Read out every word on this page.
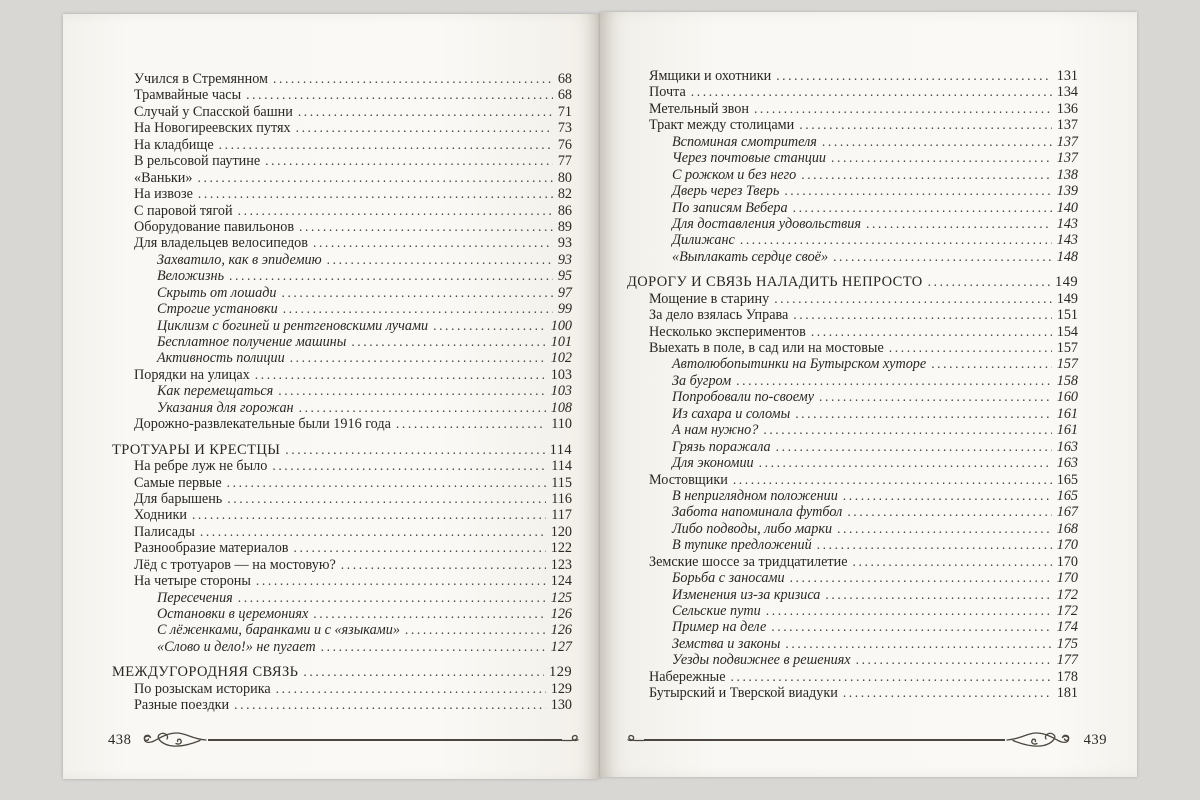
Учился в Стремянном .....	68
Трамвайные часы .....	68
Случай у Спасской башни .....	71
На Новогиреевских путях .....	73
На кладбище .....	76
В рельсовой паутине .....	77
«Ваньки» .....	80
На извозе .....	82
С паровой тягой .....	86
Оборудование павильонов .....	89
Для владельцев велосипедов .....	93
Захватило, как в эпидемию .....	93
Веложизнь .....	95
Скрыть от лошади .....	97
Строгие установки .....	99
Циклизм с богиней и рентгеновскими лучами .....	100
Бесплатное получение машины .....	101
Активность полиции .....	102
Порядки на улицах .....	103
Как перемещаться .....	103
Указания для горожан .....	108
Дорожно-развлекательные были 1916 года .....	110
ТРОТУАРЫ И КРЕСТЦЫ .....	114
На ребре луж не было .....	114
Самые первые .....	115
Для барышень .....	116
Ходники .....	117
Палисады .....	120
Разнообразие материалов .....	122
Лёд с тротуаров — на мостовую? .....	123
На четыре стороны .....	124
Пересечения .....	125
Остановки в церемониях .....	126
С лёженками, баранками и с «языками» .....	126
«Слово и дело!» не пугает .....	127
МЕЖДУГОРОДНЯЯ СВЯЗЬ .....	129
По розыскам историка .....	129
Разные поездки .....	130
438
Ямщики и охотники .....	131
Почта .....	134
Метельный звон .....	136
Тракт между столицами .....	137
Вспоминая смотрителя .....	137
Через почтовые станции .....	137
С рожком и без него .....	138
Дверь через Тверь .....	139
По записям Вебера .....	140
Для доставления удовольствия .....	143
Дилижанс .....	143
«Выплакать сердце своё» .....	148
ДОРОГУ И СВЯЗЬ НАЛАДИТЬ НЕПРОСТО .....	149
Мощение в старину .....	149
За дело взялась Управа .....	151
Несколько экспериментов .....	154
Выехать в поле, в сад или на мостовые .....	157
Автолюбопытинки на Бутырском хуторе .....	157
За бугром .....	158
Попробовали по-своему .....	160
Из сахара и соломы .....	161
А нам нужно? .....	161
Грязь поражала .....	163
Для экономии .....	163
Мостовщики .....	165
В неприглядном положении .....	165
Забота напоминала футбол .....	167
Либо подводы, либо марки .....	168
В тупике предложений .....	170
Земские шоссе за тридцатилетие .....	170
Борьба с заносами .....	170
Изменения из-за кризиса .....	172
Сельские пути .....	172
Пример на деле .....	174
Земства и законы .....	175
Уезды подвижнее в решениях .....	177
Набережные .....	178
Бутырский и Тверской виадуки .....	181
439
